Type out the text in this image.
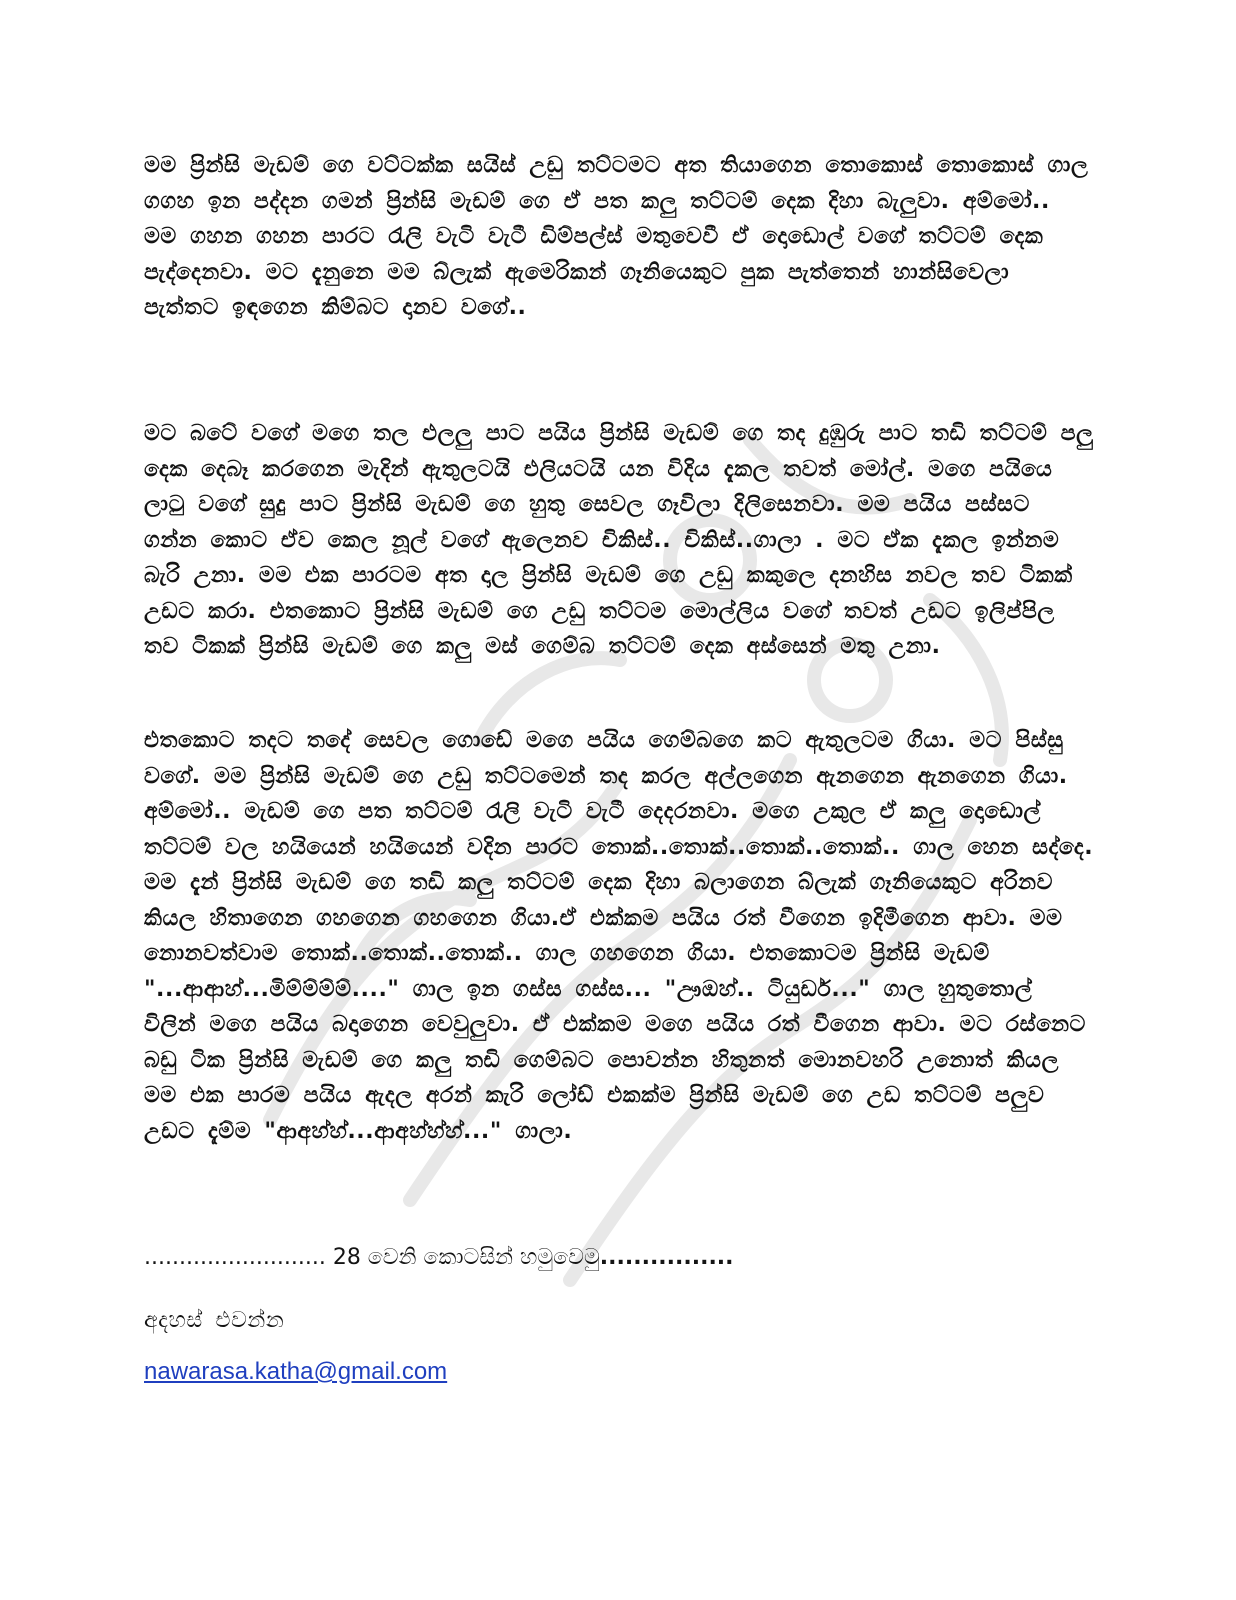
මම ප්‍රින්සි මැඩම් ගෙ වට්ටක්ක සයිස් උඩු තට්ටමට අත තියාගෙන තොකොස් තොකොස් ගාල ගගහ ඉන පද්දන ගමන් ප්‍රින්සි මැඩම් ගෙ ඒ පත කලු තට්ටම් දෙක දිහා බැලුවා. අම්මෝ.. මම ගහන ගහන පාරට රැලි වැටි වැටී ඩිම්පල්ස් මතුවෙවී ඒ දොඩොල් වගේ තට්ටම් දෙක පැද්දෙනවා. මට දැනුනෙ මම බ්ලැක් ඇමෙරිකන් ගෑනියෙකුට පුක පැත්තෙන් හාන්සිවෙලා පැත්තට ඉඳගෙන කිම්බට දානව වගේ..
මට බටේ වගේ මගෙ තල එලලු පාට පයිය ප්‍රින්සි මැඩම් ගෙ තද දුඹුරු පාට තඩි තට්ටම් පලු දෙක දෙබෑ කරගෙන මැදින් ඇතුලටයි එලියටයි යන විදිය දැකල තවත් මෝල්. මගෙ පයියෙ ලාටු වගේ සුදු පාට ප්‍රින්සි මැඩම් ගෙ හුතු සෙවල ගෑවිලා දිලිසෙනවා. මම පයිය පස්සට ගන්න කොට ඒව කෙල නූල් වගේ ඇලෙනව චිකිස්.. චිකිස්..ගාලා . මට ඒක දැකල ඉන්නම බැරි උනා. මම එක පාරටම අත දාල ප්‍රින්සි මැඩම් ගෙ උඩු කකුලෙ දනහිස නවල තව ටිකක් උඩට කරා. එතකොට ප්‍රින්සි මැඩම් ගෙ උඩු තට්ටම මොල්ලිය වගේ තවත් උඩට ඉලිප්පිල තව ටිකක් ප්‍රින්සි මැඩම් ගෙ කලු මස් ගෙම්බ තට්ටම් දෙක අස්සෙන් මතු උනා.
එතකොට තදට තදේ සෙවල ගොඩේ මගෙ පයිය ගෙම්බගෙ කට ඇතුලටම ගියා. මට පිස්සු වගේ. මම ප්‍රින්සි මැඩම් ගෙ උඩු තට්ටමෙන් තද කරල අල්ලගෙන ඇනගෙන ඇනගෙන ගියා. අම්මෝ.. මැඩම් ගෙ පත තට්ටම් රැලි වැටි වැටී දෙදරනවා. මගෙ උකුල ඒ කලු දොඩොල් තට්ටම් වල හයියෙන් හයියෙන් වදින පාරට තොක්..තොක්..තොක්..තොක්.. ගාල හෙන සද්දෙ. මම දැන් ප්‍රින්සි මැඩම් ගෙ තඩි කලු තට්ටම් දෙක දිහා බලාගෙන බ්ලැක් ගෑනියෙකුට අරිනව කියල හිතාගෙන ගහගෙන ගහගෙන ගියා.ඒ එක්කම පයිය රත් වීගෙන ඉදිමීගෙන ආවා. මම නොනවත්වාම තොක්..තොක්..තොක්.. ගාල ගහගෙන ගියා. එතකොටම ප්‍රින්සි මැඩම් "...ආආහ්...මිම්ම්ම්ම්...." ගාල ඉන ගස්ස ගස්ස... "ඌඔහ්.. ටියුඩර්..." ගාල හුතුතොල් විලින් මගෙ පයිය බදාගෙන වෙවුලුවා. ඒ එක්කම මගෙ පයිය රත් වීගෙන ආවා. මට රස්නෙට බඩු ටික ප්‍රින්සි මැඩම් ගෙ කලු තඩි ගෙම්බට පොවන්න හිතුනත් මොනවහරි උනොත් කියල මම එක පාරම පයිය ඇදල අරන් කැරි ලෝඩ් එකක්ම ප්‍රින්සි මැඩම් ගෙ උඩ තට්ටම් පලුව උඩට දැම්ම "ආඅහ්හ්...ආඅහ්හ්හ්..." ගාලා.
.......................... 28 වෙනි කොටසින් හමුවෙමු................
අදහස් එවන්න
nawarasa.katha@gmail.com
